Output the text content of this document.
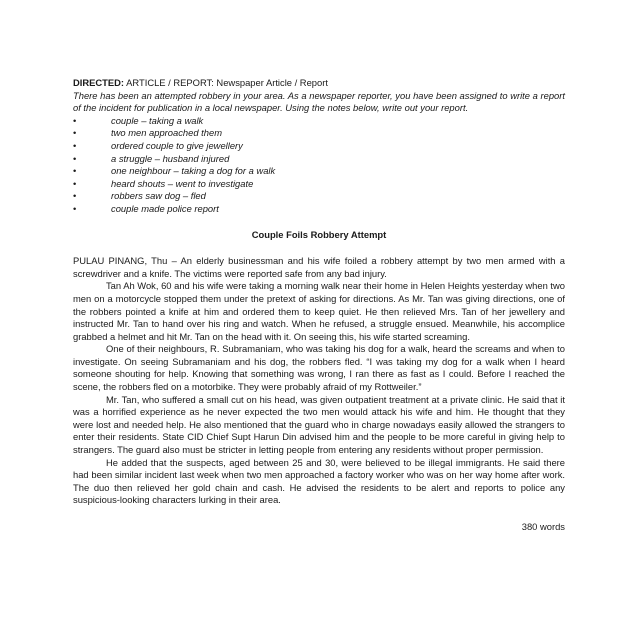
DIRECTED: ARTICLE / REPORT: Newspaper Article / Report
There has been an attempted robbery in your area. As a newspaper reporter, you have been assigned to write a report of the incident for publication in a local newspaper. Using the notes below, write out your report.
•	couple – taking a walk
•	two men approached them
•	ordered couple to give jewellery
•	a struggle – husband injured
•	one neighbour – taking a dog for a walk
•	heard shouts – went to investigate
•	robbers saw dog – fled
•	couple made police report
Couple Foils Robbery Attempt

PULAU PINANG, Thu – An elderly businessman and his wife foiled a robbery attempt by two men armed with a screwdriver and a knife. The victims were reported safe from any bad injury.

Tan Ah Wok, 60 and his wife were taking a morning walk near their home in Helen Heights yesterday when two men on a motorcycle stopped them under the pretext of asking for directions. As Mr. Tan was giving directions, one of the robbers pointed a knife at him and ordered them to keep quiet. He then relieved Mrs. Tan of her jewellery and instructed Mr. Tan to hand over his ring and watch. When he refused, a struggle ensued. Meanwhile, his accomplice grabbed a helmet and hit Mr. Tan on the head with it. On seeing this, his wife started screaming.

One of their neighbours, R. Subramaniam, who was taking his dog for a walk, heard the screams and when to investigate. On seeing Subramaniam and his dog, the robbers fled. “I was taking my dog for a walk when I heard someone shouting for help. Knowing that something was wrong, I ran there as fast as I could. Before I reached the scene, the robbers fled on a motorbike. They were probably afraid of my Rottweiler.”

Mr. Tan, who suffered a small cut on his head, was given outpatient treatment at a private clinic. He said that it was a horrified experience as he never expected the two men would attack his wife and him. He thought that they were lost and needed help. He also mentioned that the guard who in charge nowadays easily allowed the strangers to enter their residents. State CID Chief Supt Harun Din advised him and the people to be more careful in giving help to strangers. The guard also must be stricter in letting people from entering any residents without proper permission.

He added that the suspects, aged between 25 and 30, were believed to be illegal immigrants. He said there had been similar incident last week when two men approached a factory worker who was on her way home after work. The duo then relieved her gold chain and cash. He advised the residents to be alert and reports to police any suspicious-looking characters lurking in their area.

380 words
